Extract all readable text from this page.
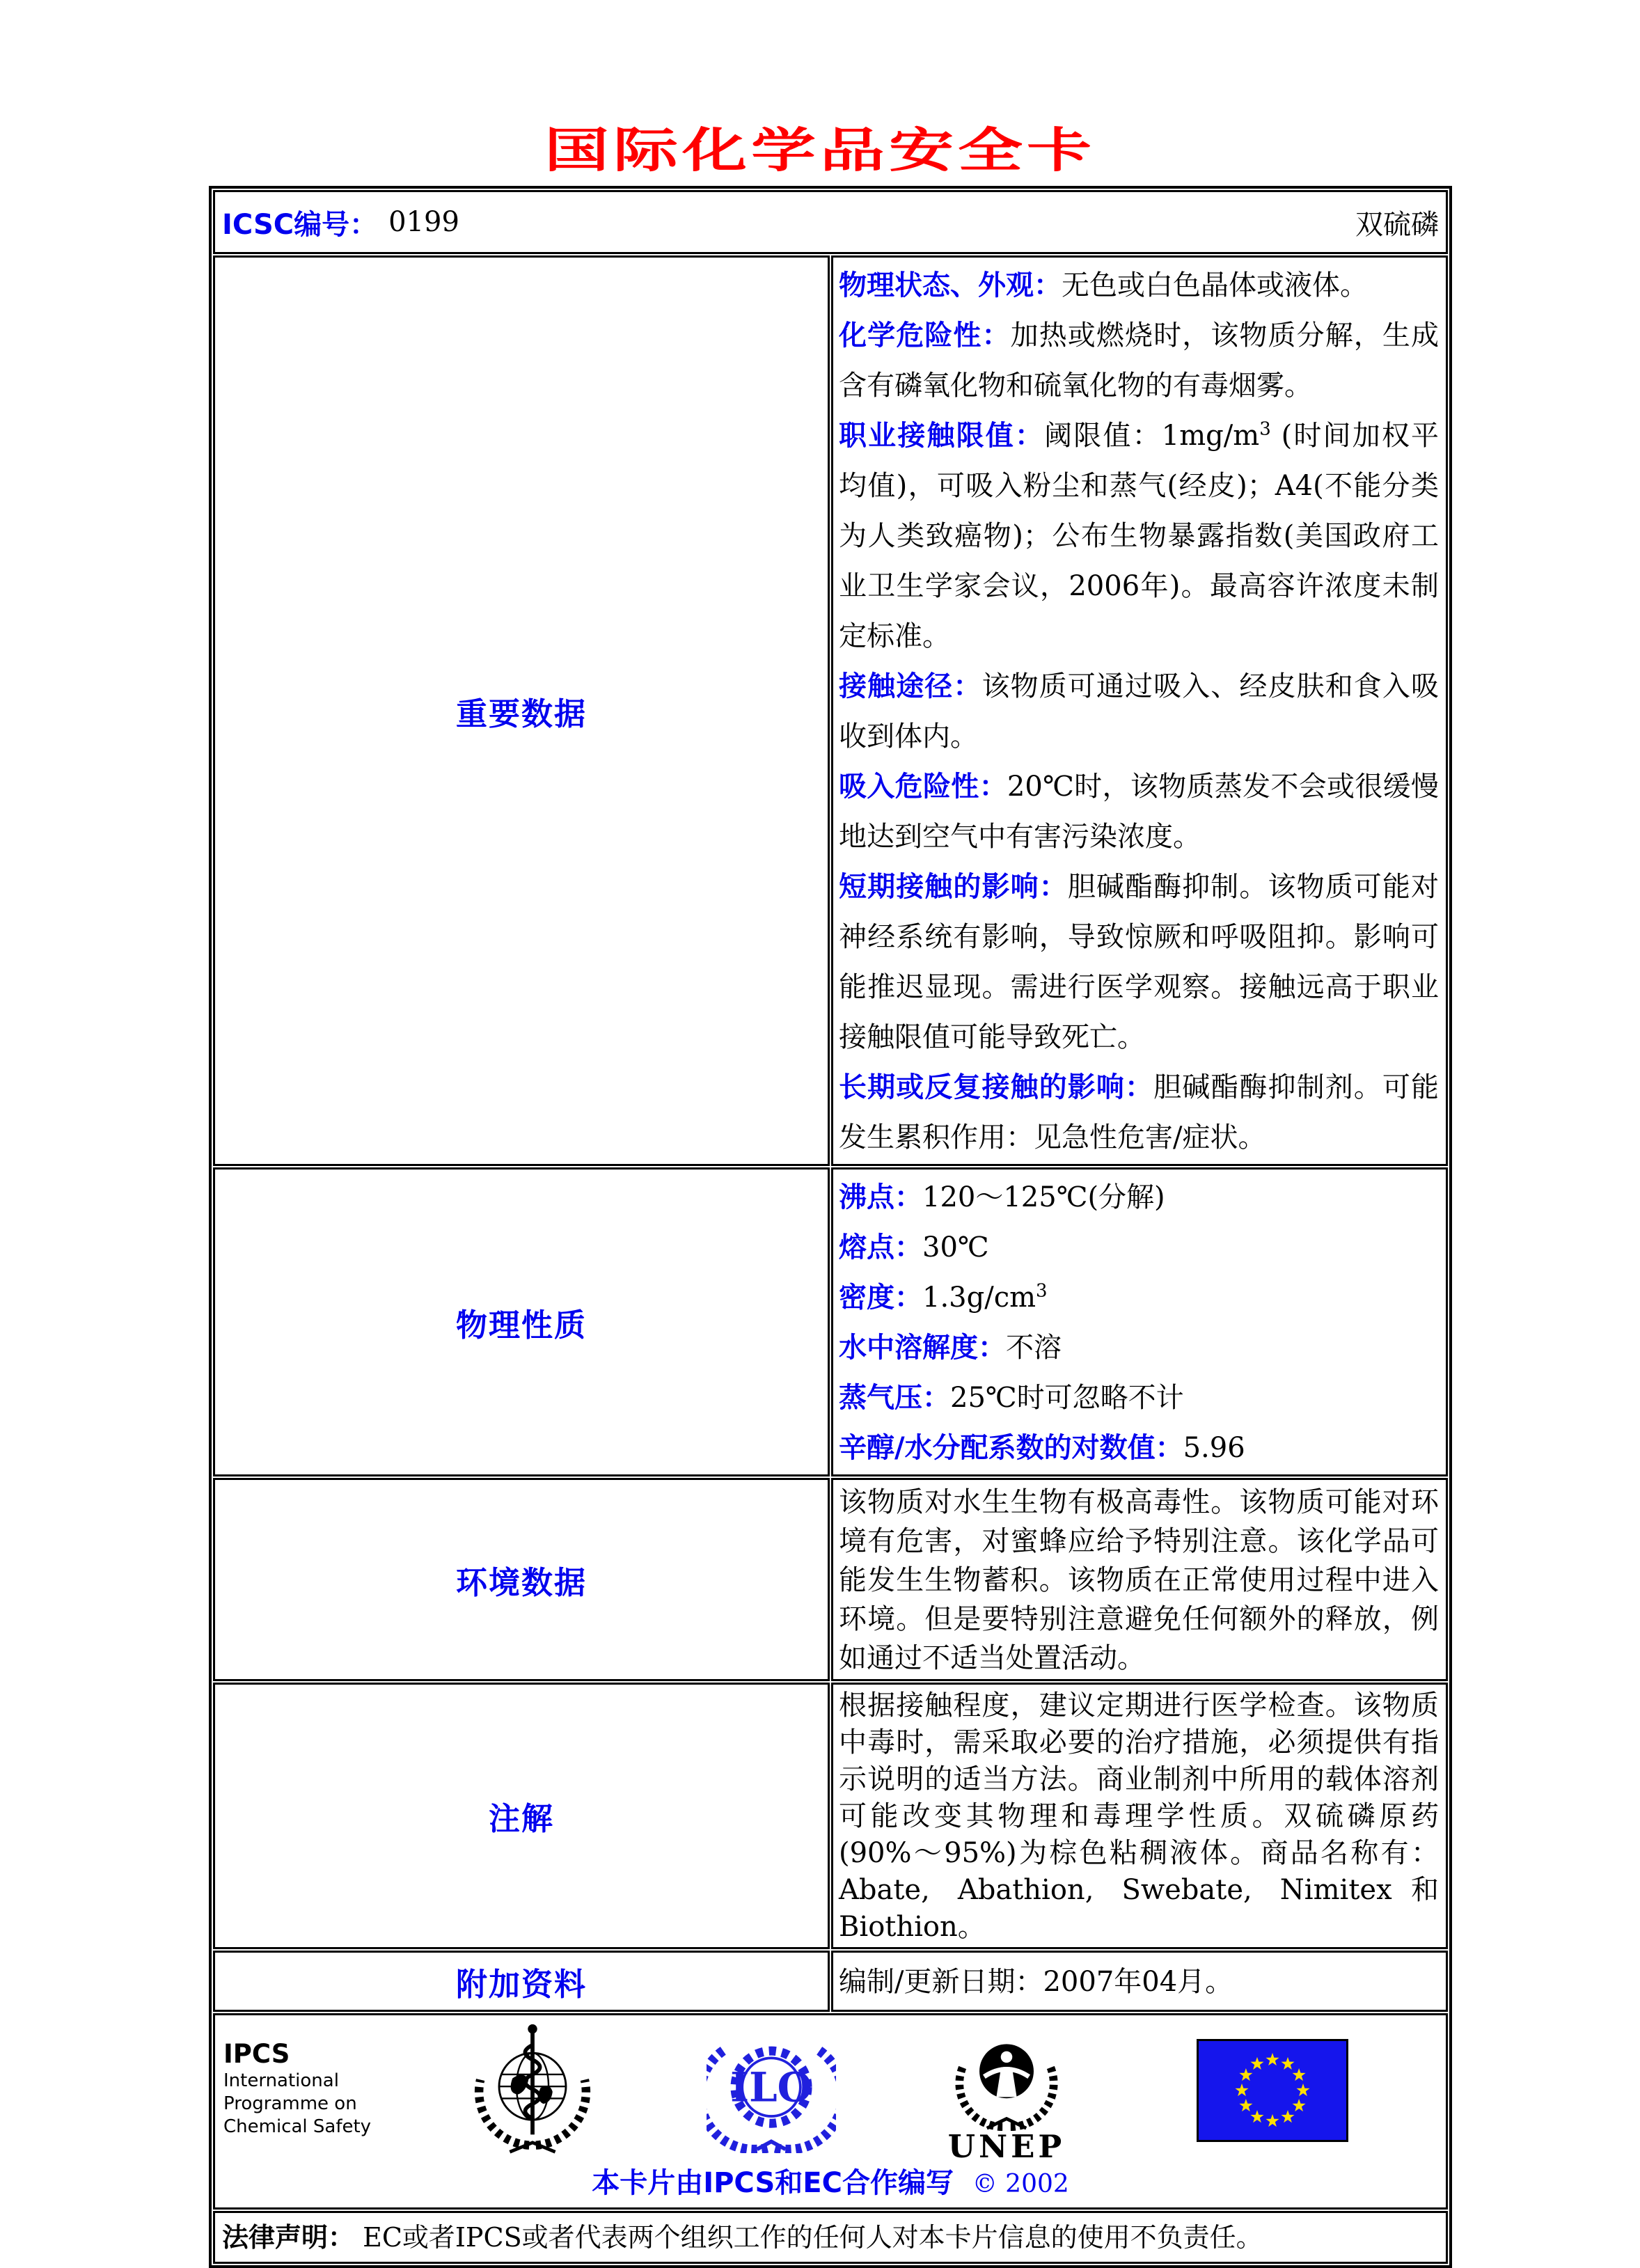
国际化学品安全卡
ICSC编号： 0199 双硫磷	

重要数据	
物理状态、外观：无色或白色晶体或液体。
化学危险性：加热或燃烧时，该物质分解，生成含有磷氧化物和硫氧化物的有毒烟雾。
职业接触限值：阈限值：$1mg/m^3$ (时间加权平均值)，可吸入粉尘和蒸气(经皮)；A4(不能分类为人类致癌物)；公布生物暴露指数(美国政府工业卫生学家会议，2006年)。最高容许浓度未制定标准。
接触途径：该物质可通过吸入、经皮肤和食入吸收到体内。
吸入危险性：20℃时，该物质蒸发不会或很缓慢地达到空气中有害污染浓度。
短期接触的影响：胆碱酯酶抑制。该物质可能对神经系统有影响，导致惊厥和呼吸阻抑。影响可能推迟显现。需进行医学观察。接触远高于职业接触限值可能导致死亡。
长期或反复接触的影响：胆碱酯酶抑制剂。可能发生累积作用：见急性危害/症状。

物理性质	
沸点：120～125℃(分解)
熔点：30℃
密度：$1.3g/cm^3$
水中溶解度：不溶
蒸气压：25℃时可忽略不计
辛醇/水分配系数的对数值：5.96

环境数据	该物质对水生生物有极高毒性。该物质可能对环境有危害，对蜜蜂应给予特别注意。该化学品可能发生生物蓄积。该物质在正常使用过程中进入环境。但是要特别注意避免任何额外的释放，例如通过不适当处置活动。

注解	根据接触程度，建议定期进行医学检查。该物质中毒时，需采取必要的治疗措施，必须提供有指示说明的适当方法。商业制剂中所用的载体溶剂可能改变其物理和毒理学性质。双硫磷原药(90%～95%)为棕色粘稠液体。商品名称有：Abate, Abathion, Swebate, Nimitex和Biothion。

附加资料	编制/更新日期：2007年04月。

IPCS
International
Programme on
Chemical Safety
ILO
UNEP
本卡片由IPCS和EC合作编写 © 2002

法律声明： EC或者IPCS或者代表两个组织工作的任何人对本卡片信息的使用不负责任。	
